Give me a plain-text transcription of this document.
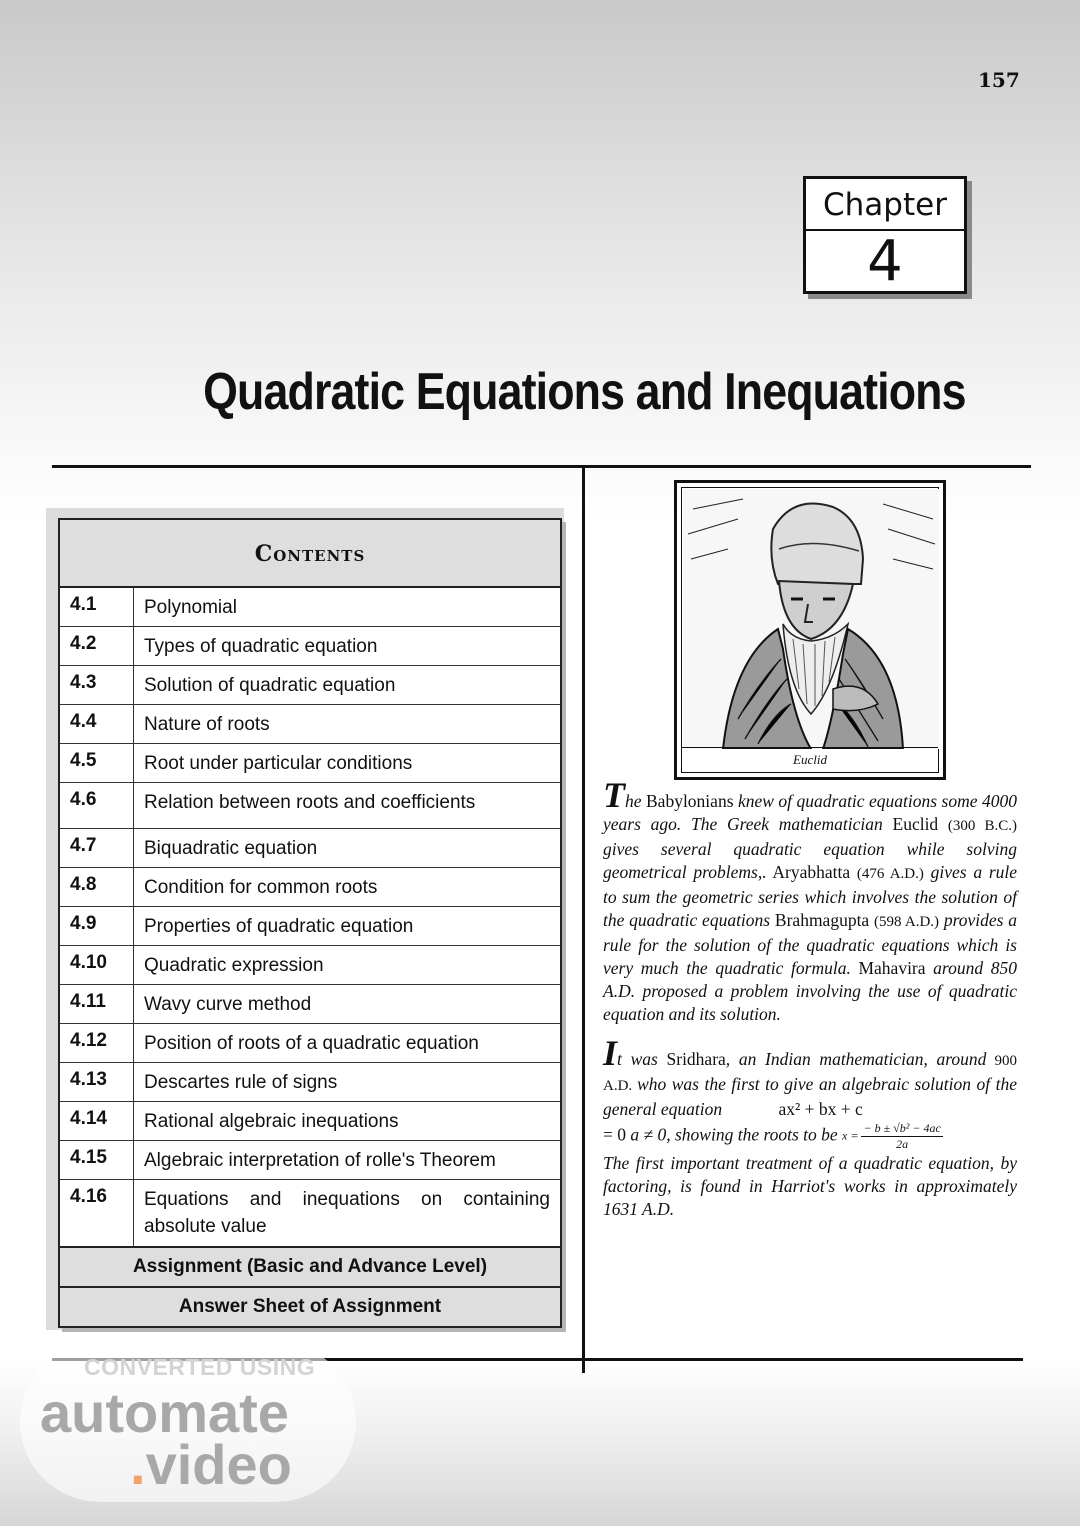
157
Chapter
4
Quadratic Equations and Inequations
Contents
4.1	Polynomial
4.2	Types of quadratic equation
4.3	Solution of quadratic equation
4.4	Nature of roots
4.5	Root under particular conditions
4.6	Relation between roots and coefficients
4.7	Biquadratic equation
4.8	Condition for common roots
4.9	Properties of quadratic equation
4.10	Quadratic expression
4.11	Wavy curve method
4.12	Position of roots of a quadratic equation
4.13	Descartes rule of signs
4.14	Rational algebraic inequations
4.15	Algebraic interpretation of rolle's Theorem
4.16	Equations and inequations on containing absolute value
Assignment (Basic and Advance Level)
Answer Sheet of Assignment
Euclid

The Babylonians knew of quadratic equations some 4000 years ago. The Greek mathematician Euclid (300 B.C.) gives several quadratic equation while solving geometrical problems,. Aryabhatta (476 A.D.) gives a rule to sum the geometric series which involves the solution of the quadratic equations Brahmagupta (598 A.D.) provides a rule for the solution of the quadratic equations which is very much the quadratic formula. Mahavira around 850 A.D. proposed a problem involving the use of quadratic equation and its solution.

It was Sridhara, an Indian mathematician, around 900 A.D. who was the first to give an algebraic solution of the general equation	ax² + bx + c
= 0 a ≠ 0, showing the roots to be $x = \frac{\text{− b ± √b² − 4ac}}{2a}$

The first important treatment of a quadratic equation, by factoring, is found in Harriot's works in approximately 1631 A.D.

CONVERTED USING
automate
.video
